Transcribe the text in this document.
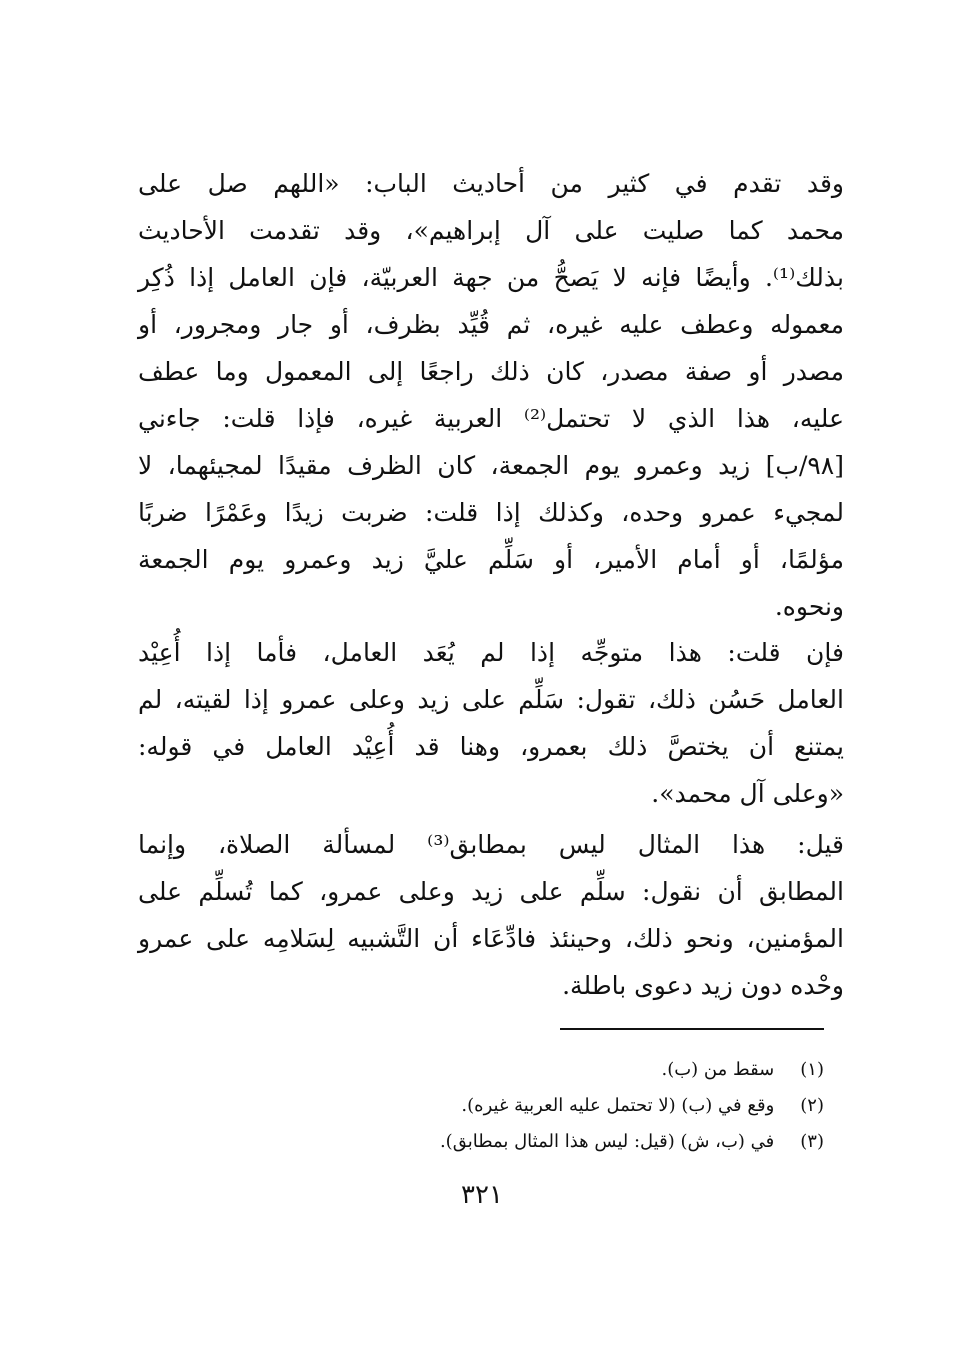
وقد تقدم في كثير من أحاديث الباب: «اللهم صل على
محمد كما صليت على آل إبراهيم»، وقد تقدمت الأحاديث
بذلك⁽¹⁾. وأيضًا فإنه لا يَصحُّ من جهة العربيّة، فإن العامل إذا ذُكِر
معموله وعطف عليه غيره، ثم قُيِّد بظرف، أو جار ومجرور، أو
مصدر أو صفة مصدر، كان ذلك راجعًا إلى المعمول وما عطف
عليه، هذا الذي لا تحتمل⁽²⁾ العربية غيره، فإذا قلت: جاءني
[٩٨/ب] زيد وعمرو يوم الجمعة، كان الظرف مقيدًا لمجيئهما، لا
لمجيء عمرو وحده، وكذلك إذا قلت: ضربت زيدًا وعَمْرًا ضربًا
مؤلمًا، أو أمام الأمير، أو سَلِّم عليَّ زيد وعمرو يوم الجمعة
ونحوه.
فإن قلت: هذا متوجِّه إذا لم يُعَد العامل، فأما إذا أُعِيْد
العامل حَسُن ذلك، تقول: سَلِّم على زيد وعلى عمرو إذا لقيته، لم
يمتنع أن يختصَّ ذلك بعمرو، وهنا قد أُعِيْد العامل في قوله:
«وعلى آل محمد».
قيل: هذا المثال ليس بمطابق⁽³⁾ لمسألة الصلاة، وإنما
المطابق أن نقول: سلِّم على زيد وعلى عمرو، كما تُسلِّم على
المؤمنين، ونحو ذلك، وحينئذ فادِّعَاء أن التَّشبيه لِسَلامِه على عمرو
وحْده دون زيد دعوى باطلة.
(١) سقط من (ب).
(٢) وقع في (ب) (لا تحتمل عليه العربية غيره).
(٣) في (ب، ش) (قيل: ليس هذا المثال بمطابق).
٣٢١
